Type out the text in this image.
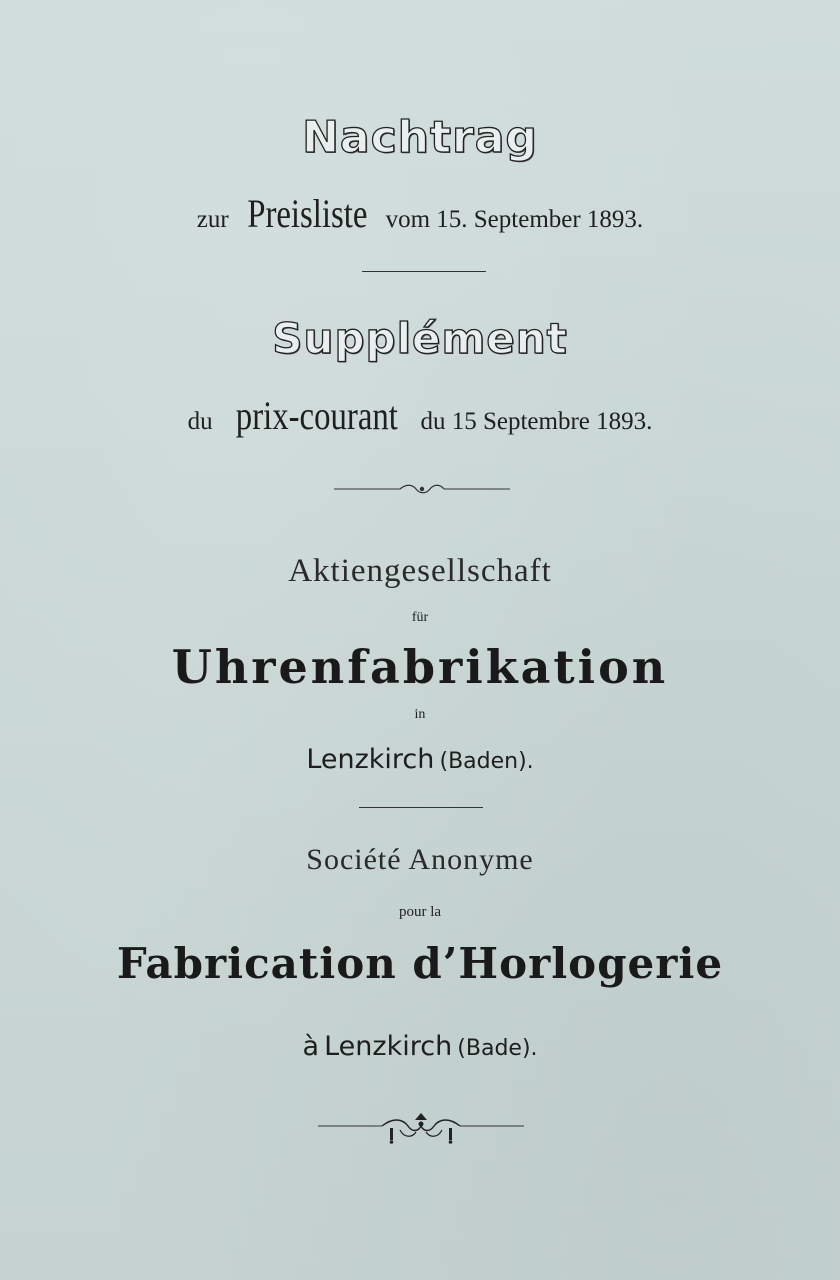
Nachtrag
zur Preisliste vom 15. September 1893.
Supplément
du prix-courant du 15 Septembre 1893.
Aktiengesellschaft
für
Uhrenfabrikation
in
Lenzkirch (Baden).
Société Anonyme
pour la
Fabrication d’Horlogerie
à Lenzkirch (Bade).
